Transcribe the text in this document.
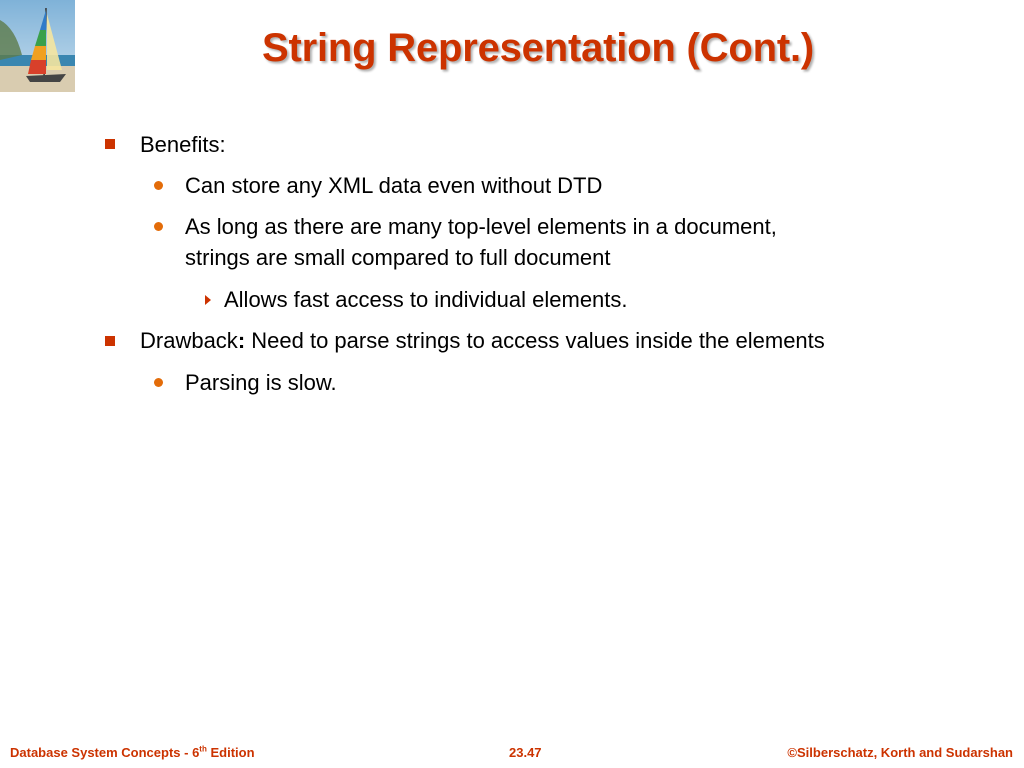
String Representation (Cont.)
Benefits:
Can store any XML data even without DTD
As long as there are many top-level elements in a document,
strings are small compared to full document
Allows fast access to individual elements.
Drawback: Need to parse strings to access values inside the elements
Parsing is slow.
Database System Concepts - 6th Edition	23.47	©Silberschatz, Korth and Sudarshan
